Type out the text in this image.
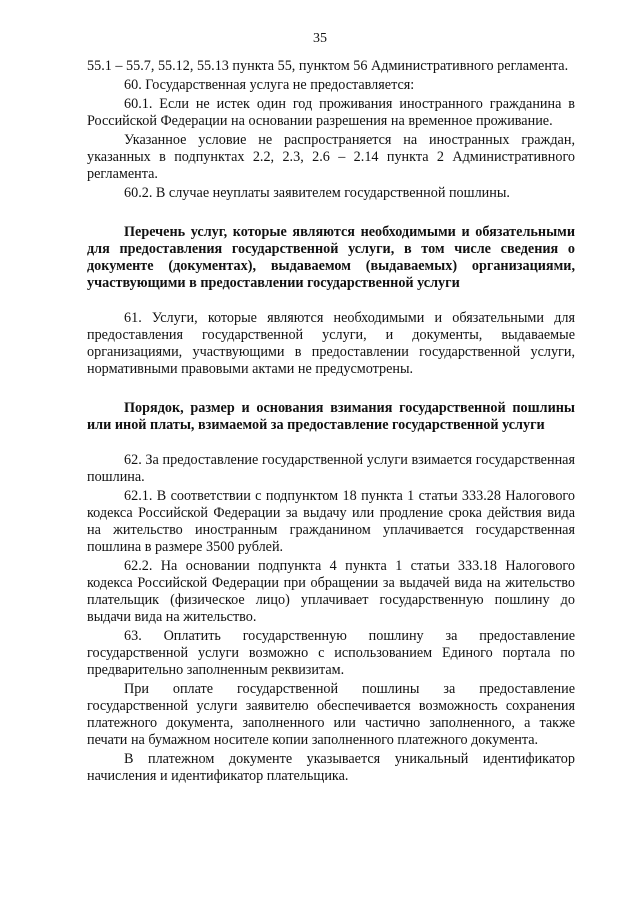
35

55.1 – 55.7, 55.12, 55.13 пункта 55, пунктом 56 Административного регламента.

60. Государственная услуга не предоставляется:

60.1. Если не истек один год проживания иностранного гражданина в Российской Федерации на основании разрешения на временное проживание.

Указанное условие не распространяется на иностранных граждан, указанных в подпунктах 2.2, 2.3, 2.6 – 2.14 пункта 2 Административного регламента.

60.2. В случае неуплаты заявителем государственной пошлины.

Перечень услуг, которые являются необходимыми и обязательными для предоставления государственной услуги, в том числе сведения о документе (документах), выдаваемом (выдаваемых) организациями, участвующими в предоставлении государственной услуги

61. Услуги, которые являются необходимыми и обязательными для предоставления государственной услуги, и документы, выдаваемые организациями, участвующими в предоставлении государственной услуги, нормативными правовыми актами не предусмотрены.

Порядок, размер и основания взимания государственной пошлины или иной платы, взимаемой за предоставление государственной услуги

62. За предоставление государственной услуги взимается государственная пошлина.

62.1. В соответствии с подпунктом 18 пункта 1 статьи 333.28 Налогового кодекса Российской Федерации за выдачу или продление срока действия вида на жительство иностранным гражданином уплачивается государственная пошлина в размере 3500 рублей.

62.2. На основании подпункта 4 пункта 1 статьи 333.18 Налогового кодекса Российской Федерации при обращении за выдачей вида на жительство плательщик (физическое лицо) уплачивает государственную пошлину до выдачи вида на жительство.

63. Оплатить государственную пошлину за предоставление государственной услуги возможно с использованием Единого портала по предварительно заполненным реквизитам.

При оплате государственной пошлины за предоставление государственной услуги заявителю обеспечивается возможность сохранения платежного документа, заполненного или частично заполненного, а также печати на бумажном носителе копии заполненного платежного документа.

В платежном документе указывается уникальный идентификатор начисления и идентификатор плательщика.
